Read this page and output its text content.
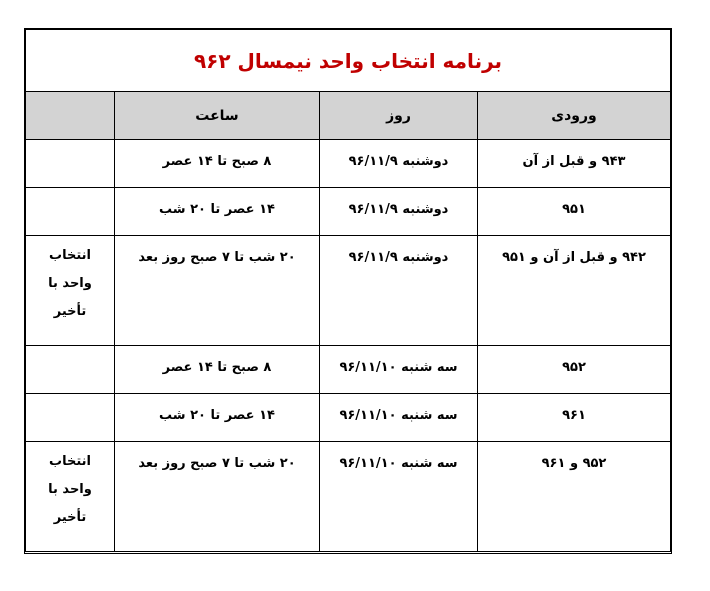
برنامه انتخاب واحد نیمسال ۹۶۲			
ورودی	روز	ساعت	
۹۴۳ و قبل از آن	دوشنبه ۹۶/۱۱/۹	۸ صبح تا ۱۴ عصر	
۹۵۱	دوشنبه ۹۶/۱۱/۹	۱۴ عصر تا ۲۰ شب	
۹۴۲ و قبل از آن و ۹۵۱	دوشنبه ۹۶/۱۱/۹	۲۰ شب تا ۷ صبح روز بعد	انتخاب
واحد با
تأخیر

۹۵۲	سه شنبه ۹۶/۱۱/۱۰	۸ صبح تا ۱۴ عصر	
۹۶۱	سه شنبه ۹۶/۱۱/۱۰	۱۴ عصر تا ۲۰ شب	
۹۵۲ و ۹۶۱	سه شنبه ۹۶/۱۱/۱۰	۲۰ شب تا ۷ صبح روز بعد	انتخاب
واحد با
تأخیر
